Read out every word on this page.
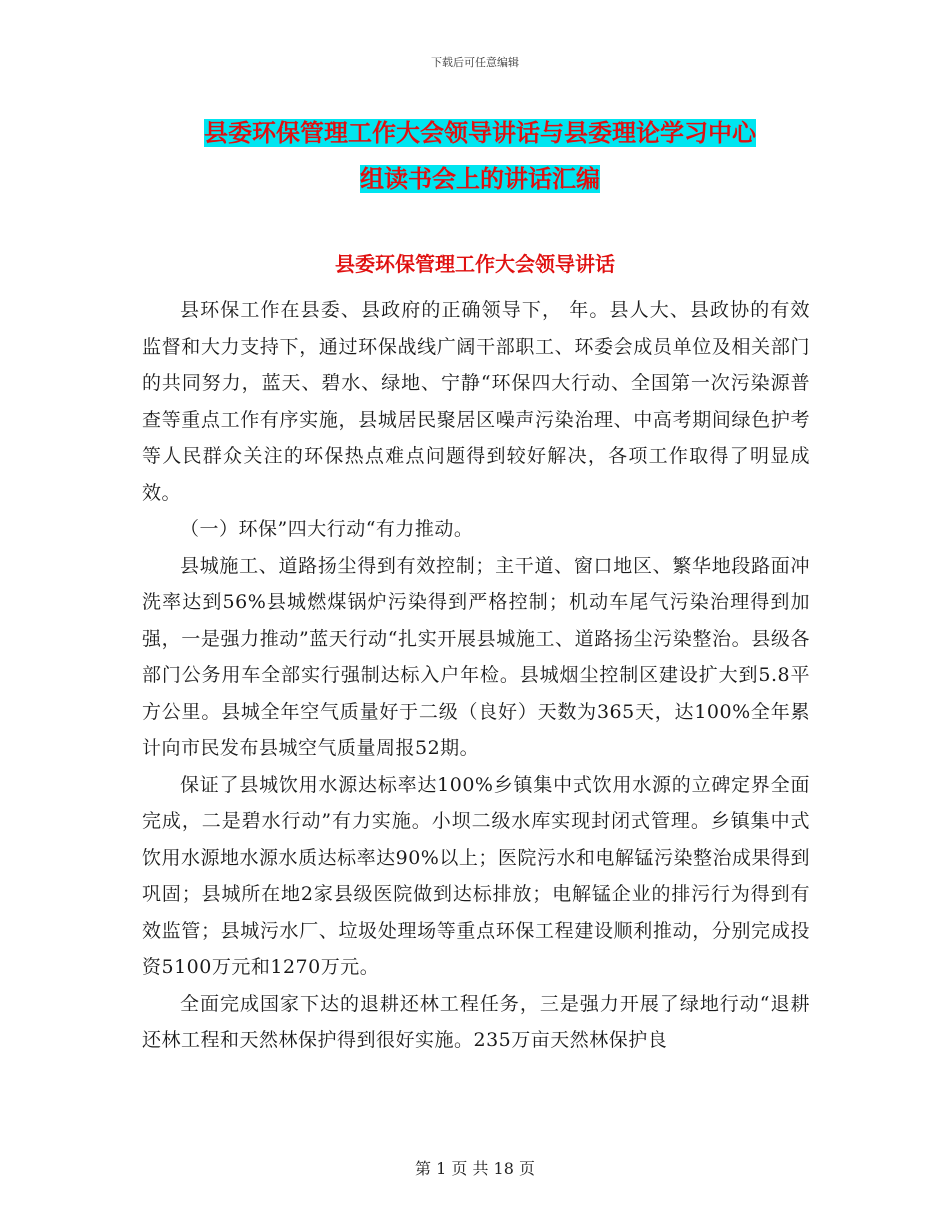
下载后可任意编辑
县委环保管理工作大会领导讲话与县委理论学习中心
组读书会上的讲话汇编
县委环保管理工作大会领导讲话

县环保工作在县委、县政府的正确领导下， 年。县人大、县政协的有效监督和大力支持下，通过环保战线广阔干部职工、环委会成员单位及相关部门的共同努力，蓝天、碧水、绿地、宁静“环保四大行动、全国第一次污染源普查等重点工作有序实施，县城居民聚居区噪声污染治理、中高考期间绿色护考等人民群众关注的环保热点难点问题得到较好解决，各项工作取得了明显成效。

（一）环保”四大行动“有力推动。

县城施工、道路扬尘得到有效控制；主干道、窗口地区、繁华地段路面冲洗率达到56%县城燃煤锅炉污染得到严格控制；机动车尾气污染治理得到加强，一是强力推动”蓝天行动“扎实开展县城施工、道路扬尘污染整治。县级各部门公务用车全部实行强制达标入户年检。县城烟尘控制区建设扩大到5.8平方公里。县城全年空气质量好于二级（良好）天数为365天，达100%全年累计向市民发布县城空气质量周报52期。

保证了县城饮用水源达标率达100%乡镇集中式饮用水源的立碑定界全面完成，二是碧水行动”有力实施。小坝二级水库实现封闭式管理。乡镇集中式饮用水源地水源水质达标率达90%以上；医院污水和电解锰污染整治成果得到巩固；县城所在地2家县级医院做到达标排放；电解锰企业的排污行为得到有效监管；县城污水厂、垃圾处理场等重点环保工程建设顺利推动，分别完成投资5100万元和1270万元。

全面完成国家下达的退耕还林工程任务，三是强力开展了绿地行动“退耕还林工程和天然林保护得到很好实施。235万亩天然林保护良

第 1 页 共 18 页
